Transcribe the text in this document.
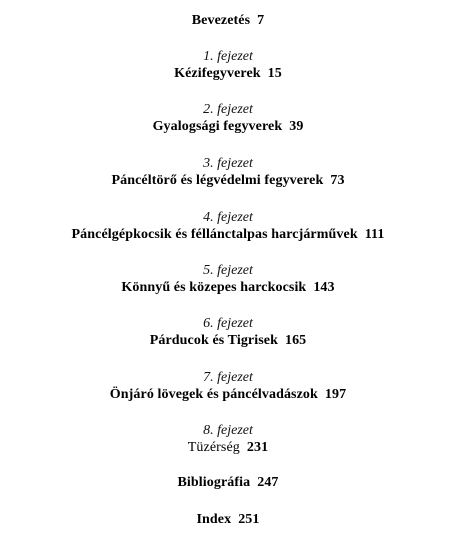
Bevezetés 7
1. fejezet
Kézifegyverek 15
2. fejezet
Gyalogsági fegyverek 39
3. fejezet
Páncéltörő és légvédelmi fegyverek 73
4. fejezet
Páncélgépkocsik és féllánctalpas harcjárművek 111
5. fejezet
Könnyű és közepes harckocsik 143
6. fejezet
Párducok és Tigrisek 165
7. fejezet
Önjáró lövegek és páncélvadászok 197
8. fejezet
Tüzérség 231
Bibliográfia 247
Index 251
